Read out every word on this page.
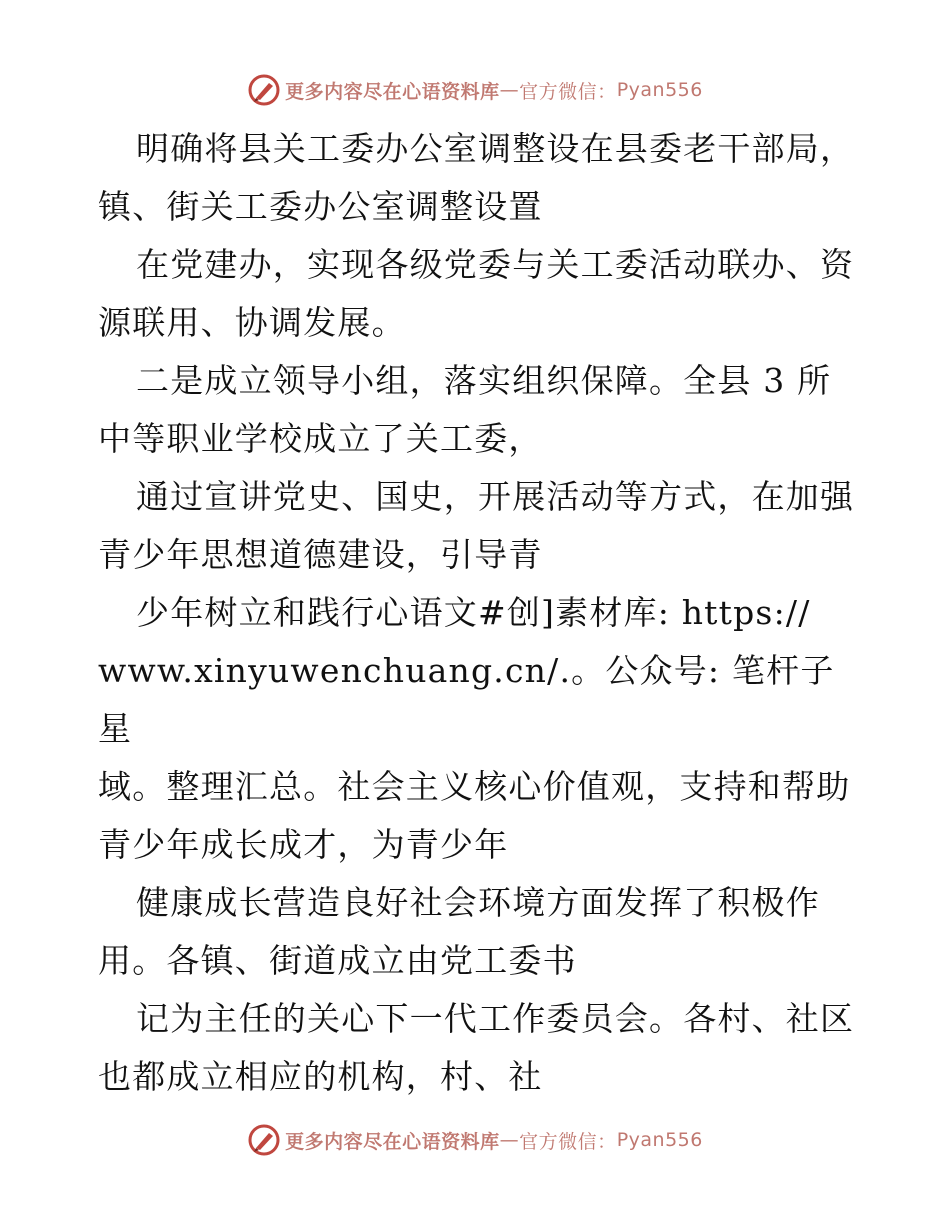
更多内容尽在心语资料库 — 官方微信： Pyan556

明确将县关工委办公室调整设在县委老干部局，

镇、街关工委办公室调整设置

在党建办，实现各级党委与关工委活动联办、资

源联用、协调发展。

二是成立领导小组，落实组织保障。全县 3 所

中等职业学校成立了关工委，

通过宣讲党史、国史，开展活动等方式，在加强

青少年思想道德建设，引导青

少年树立和践行心语文#创]素材库: https://

www.xinyuwenchuang.cn/.。公众号: 笔杆子星

域。整理汇总。社会主义核心价值观，支持和帮助

青少年成长成才，为青少年

健康成长营造良好社会环境方面发挥了积极作

用。各镇、街道成立由党工委书

记为主任的关心下一代工作委员会。各村、社区

也都成立相应的机构，村、社

更多内容尽在心语资料库 — 官方微信： Pyan556
